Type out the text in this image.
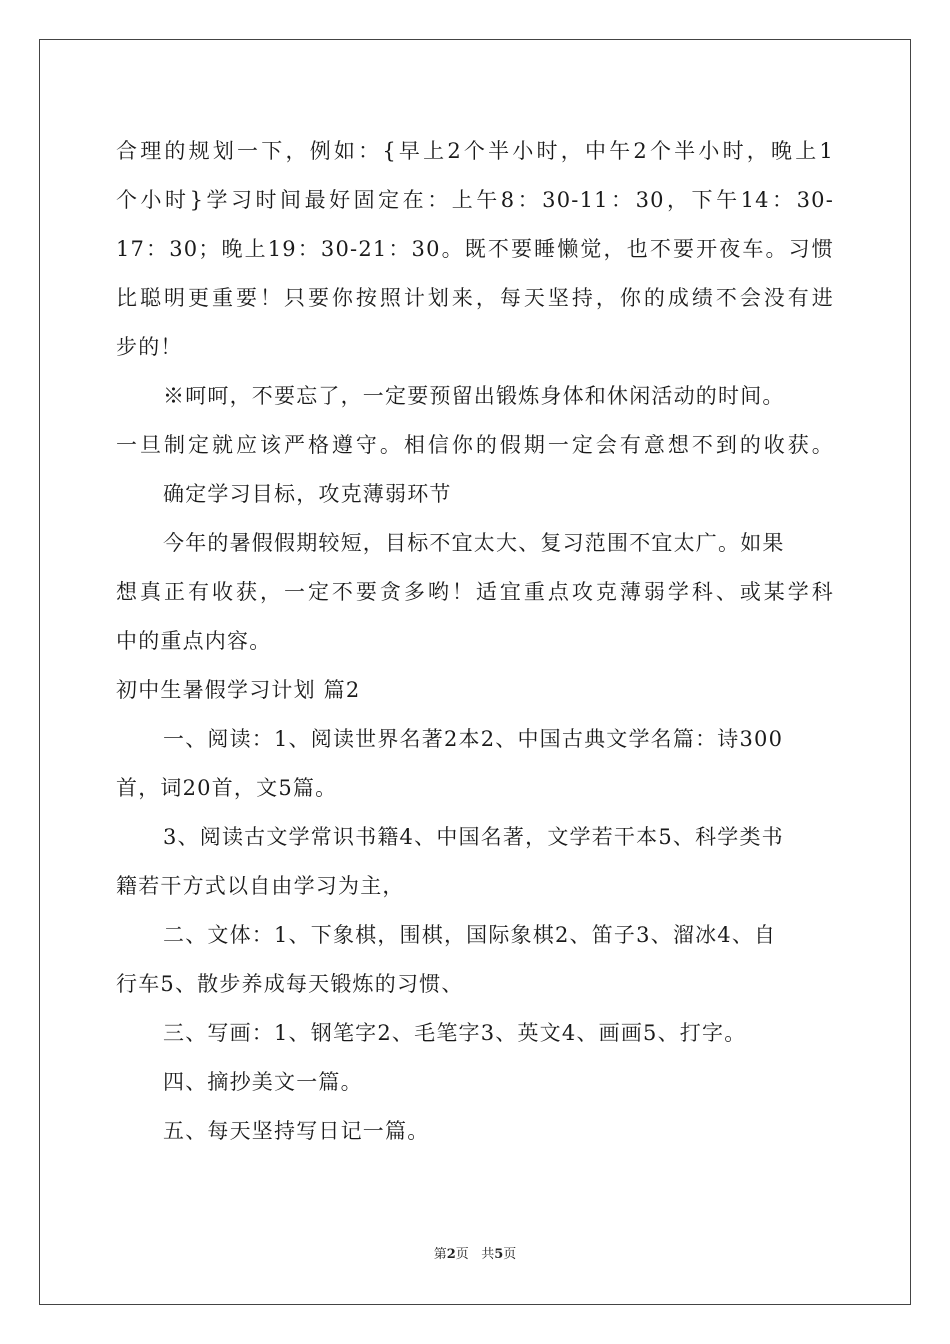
合理的规划一下，例如：{早上2个半小时，中午2个半小时，晚上1
个小时}学习时间最好固定在：上午8：30-11：30，下午14：30-
17：30；晚上19：30-21：30。既不要睡懒觉，也不要开夜车。习惯
比聪明更重要！只要你按照计划来，每天坚持，你的成绩不会没有进
步的！
※呵呵，不要忘了，一定要预留出锻炼身体和休闲活动的时间。
一旦制定就应该严格遵守。相信你的假期一定会有意想不到的收获。
确定学习目标，攻克薄弱环节
今年的暑假假期较短，目标不宜太大、复习范围不宜太广。如果
想真正有收获，一定不要贪多哟！适宜重点攻克薄弱学科、或某学科
中的重点内容。
初中生暑假学习计划 篇2
一、阅读：1、阅读世界名著2本2、中国古典文学名篇：诗300
首，词20首，文5篇。
3、阅读古文学常识书籍4、中国名著，文学若干本5、科学类书
籍若干方式以自由学习为主，
二、文体：1、下象棋，围棋，国际象棋2、笛子3、溜冰4、自
行车5、散步养成每天锻炼的习惯、
三、写画：1、钢笔字2、毛笔字3、英文4、画画5、打字。
四、摘抄美文一篇。
五、每天坚持写日记一篇。
第2页 共5页
